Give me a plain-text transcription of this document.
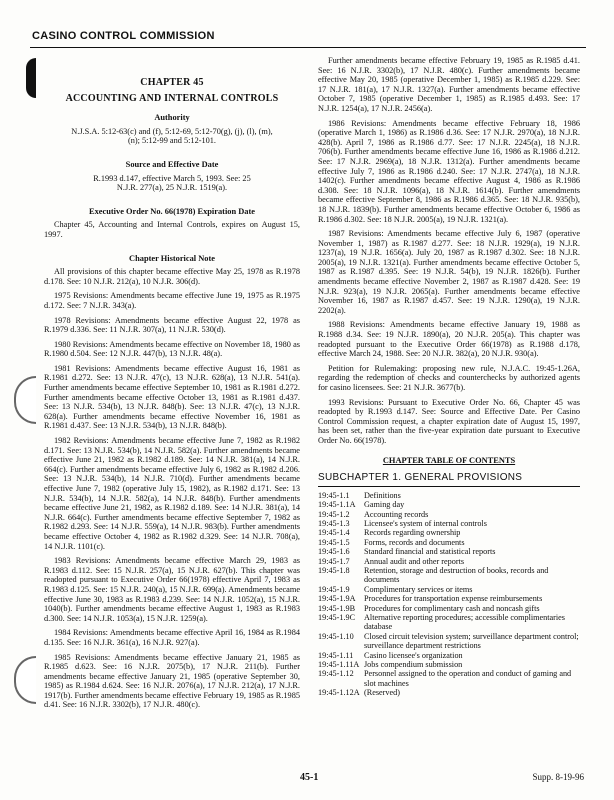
CASINO CONTROL COMMISSION
CHAPTER 45
ACCOUNTING AND INTERNAL CONTROLS
Authority
N.J.S.A. 5:12-63(c) and (f), 5:12-69, 5:12-70(g), (j), (l), (m), (n); 5:12-99 and 5:12-101.
Source and Effective Date
R.1993 d.147, effective March 5, 1993. See: 25 N.J.R. 277(a), 25 N.J.R. 1519(a).
Executive Order No. 66(1978) Expiration Date
Chapter 45, Accounting and Internal Controls, expires on August 15, 1997.
Chapter Historical Note
All provisions of this chapter became effective May 25, 1978 as R.1978 d.178. See: 10 N.J.R. 212(a), 10 N.J.R. 306(d).
1975 Revisions: Amendments became effective June 19, 1975 as R.1975 d.172. See: 7 N.J.R. 343(a).
1978 Revisions: Amendments became effective August 22, 1978 as R.1979 d.336. See: 11 N.J.R. 307(a), 11 N.J.R. 530(d).
1980 Revisions: Amendments became effective on November 18, 1980 as R.1980 d.504. See: 12 N.J.R. 447(b), 13 N.J.R. 48(a).
1981 Revisions: Amendments became effective August 16, 1981 as R.1981 d.272. See: 13 N.J.R. 47(c), 13 N.J.R. 628(a), 13 N.J.R. 541(a). Further amendments became effective September 10, 1981 as R.1981 d.272. Further amendments became effective October 13, 1981 as R.1981 d.437. See: 13 N.J.R. 534(b), 13 N.J.R. 848(b). See: 13 N.J.R. 47(c), 13 N.J.R. 628(a). Further amendments became effective November 16, 1981 as R.1981 d.437. See: 13 N.J.R. 534(b), 13 N.J.R. 848(b).
1982 Revisions: Amendments became effective June 7, 1982 as R.1982 d.171. See: 13 N.J.R. 534(b), 14 N.J.R. 582(a). Further amendments became effective June 21, 1982 as R.1982 d.189. See: 14 N.J.R. 381(a), 14 N.J.R. 664(c). Further amendments became effective July 6, 1982 as R.1982 d.206. See: 13 N.J.R. 534(b), 14 N.J.R. 710(d). Further amendments became effective June 7, 1982 (operative July 15, 1982), as R.1982 d.171. See: 13 N.J.R. 534(b), 14 N.J.R. 582(a), 14 N.J.R. 848(b). Further amendments became effective June 21, 1982, as R.1982 d.189. See: 14 N.J.R. 381(a), 14 N.J.R. 664(c). Further amendments became effective September 7, 1982 as R.1982 d.293. See: 14 N.J.R. 559(a), 14 N.J.R. 983(b). Further amendments became effective October 4, 1982 as R.1982 d.329. See: 14 N.J.R. 708(a), 14 N.J.R. 1101(c).
1983 Revisions: Amendments became effective March 29, 1983 as R.1983 d.112. See: 15 N.J.R. 257(a), 15 N.J.R. 627(b). This chapter was readopted pursuant to Executive Order 66(1978) effective April 7, 1983 as R.1983 d.125. See: 15 N.J.R. 240(a), 15 N.J.R. 699(a). Amendments became effective June 30, 1983 as R.1983 d.239. See: 14 N.J.R. 1052(a), 15 N.J.R. 1040(b). Further amendments became effective August 1, 1983 as R.1983 d.300. See: 14 N.J.R. 1053(a), 15 N.J.R. 1259(a).
1984 Revisions: Amendments became effective April 16, 1984 as R.1984 d.135. See: 16 N.J.R. 361(a), 16 N.J.R. 927(a).
1985 Revisions: Amendments became effective January 21, 1985 as R.1985 d.623. See: 16 N.J.R. 2075(b), 17 N.J.R. 211(b). Further amendments became effective January 21, 1985 (operative September 30, 1985) as R.1984 d.624. See: 16 N.J.R. 2076(a), 17 N.J.R. 212(a), 17 N.J.R. 1917(b). Further amendments became effective February 19, 1985 as R.1985 d.41. See: 16 N.J.R. 3302(b), 17 N.J.R. 480(c).
Further amendments became effective February 19, 1985 as R.1985 d.41. See: 16 N.J.R. 3302(b), 17 N.J.R. 480(c). Further amendments became effective May 20, 1985 (operative December 1, 1985) as R.1985 d.229. See: 17 N.J.R. 181(a), 17 N.J.R. 1327(a). Further amendments became effective October 7, 1985 (operative December 1, 1985) as R.1985 d.493. See: 17 N.J.R. 1254(a), 17 N.J.R. 2456(a).
1986 Revisions: Amendments became effective February 18, 1986 (operative March 1, 1986) as R.1986 d.36. See: 17 N.J.R. 2970(a), 18 N.J.R. 428(b). April 7, 1986 as R.1986 d.77. See: 17 N.J.R. 2245(a), 18 N.J.R. 706(b). Further amendments became effective June 16, 1986 as R.1986 d.212. See: 17 N.J.R. 2969(a), 18 N.J.R. 1312(a). Further amendments became effective July 7, 1986 as R.1986 d.240. See: 17 N.J.R. 2747(a), 18 N.J.R. 1402(c). Further amendments became effective August 4, 1986 as R.1986 d.308. See: 18 N.J.R. 1096(a), 18 N.J.R. 1614(b). Further amendments became effective September 8, 1986 as R.1986 d.365. See: 18 N.J.R. 935(b), 18 N.J.R. 1839(b). Further amendments became effective October 6, 1986 as R.1986 d.302. See: 18 N.J.R. 2005(a), 19 N.J.R. 1321(a).
1987 Revisions: Amendments became effective July 6, 1987 (operative November 1, 1987) as R.1987 d.277. See: 18 N.J.R. 1929(a), 19 N.J.R. 1237(a), 19 N.J.R. 1656(a). July 20, 1987 as R.1987 d.302. See: 18 N.J.R. 2005(a), 19 N.J.R. 1321(a). Further amendments became effective October 5, 1987 as R.1987 d.395. See: 19 N.J.R. 54(b), 19 N.J.R. 1826(b). Further amendments became effective November 2, 1987 as R.1987 d.428. See: 19 N.J.R. 923(a), 19 N.J.R. 2065(a). Further amendments became effective November 16, 1987 as R.1987 d.457. See: 19 N.J.R. 1290(a), 19 N.J.R. 2202(a).
1988 Revisions: Amendments became effective January 19, 1988 as R.1988 d.34. See: 19 N.J.R. 1890(a), 20 N.J.R. 205(a). This chapter was readopted pursuant to the Executive Order 66(1978) as R.1988 d.178, effective March 24, 1988. See: 20 N.J.R. 382(a), 20 N.J.R. 930(a).
Petition for Rulemaking: proposing new rule, N.J.A.C. 19:45-1.26A, regarding the redemption of checks and counterchecks by authorized agents for casino licensees. See: 21 N.J.R. 3677(b).
1993 Revisions: Pursuant to Executive Order No. 66, Chapter 45 was readopted by R.1993 d.147. See: Source and Effective Date. Per Casino Control Commission request, a chapter expiration date of August 15, 1997, has been set, rather than the five-year expiration date pursuant to Executive Order No. 66(1978).
CHAPTER TABLE OF CONTENTS
SUBCHAPTER 1. GENERAL PROVISIONS
19:45-1.1	Definitions
19:45-1.1A	Gaming day
19:45-1.2	Accounting records
19:45-1.3	Licensee's system of internal controls
19:45-1.4	Records regarding ownership
19:45-1.5	Forms, records and documents
19:45-1.6	Standard financial and statistical reports
19:45-1.7	Annual audit and other reports
19:45-1.8	Retention, storage and destruction of books, records and documents
19:45-1.9	Complimentary services or items
19:45-1.9A	Procedures for transportation expense reimbursements
19:45-1.9B	Procedures for complimentary cash and noncash gifts
19:45-1.9C	Alternative reporting procedures; accessible complimentaries database
19:45-1.10	Closed circuit television system; surveillance department control; surveillance department restrictions
19:45-1.11	Casino licensee's organization
19:45-1.11A Jobs compendium submission
19:45-1.12	Personnel assigned to the operation and conduct of gaming and slot machines
19:45-1.12A (Reserved)
45-1	Supp. 8-19-96
